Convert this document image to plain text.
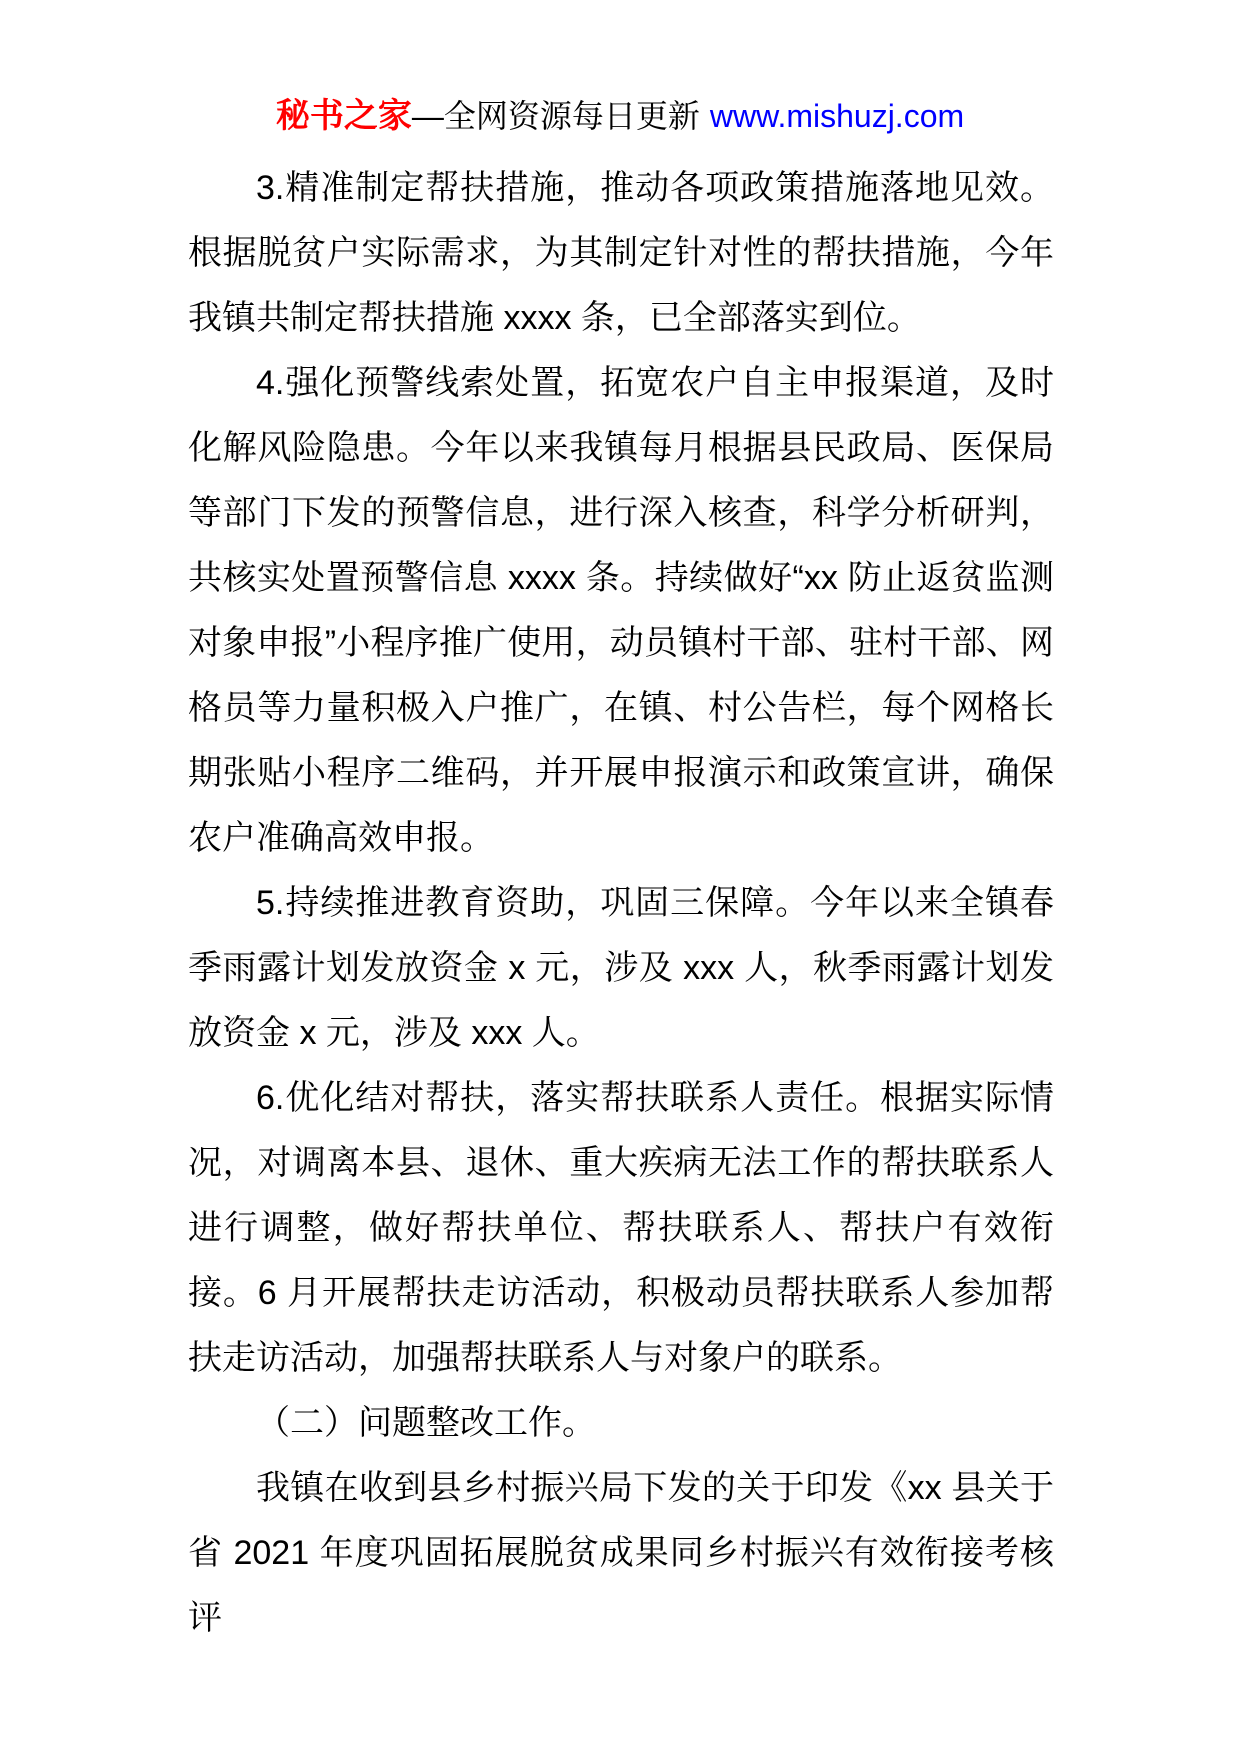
秘书之家—全网资源每日更新 www.mishuzj.com

3.精准制定帮扶措施，推动各项政策措施落地见效。根据脱贫户实际需求，为其制定针对性的帮扶措施，今年我镇共制定帮扶措施 xxxx 条，已全部落实到位。

4.强化预警线索处置，拓宽农户自主申报渠道，及时化解风险隐患。今年以来我镇每月根据县民政局、医保局等部门下发的预警信息，进行深入核查，科学分析研判，共核实处置预警信息 xxxx 条。持续做好“xx 防止返贫监测对象申报”小程序推广使用，动员镇村干部、驻村干部、网格员等力量积极入户推广，在镇、村公告栏，每个网格长期张贴小程序二维码，并开展申报演示和政策宣讲，确保农户准确高效申报。

5.持续推进教育资助，巩固三保障。今年以来全镇春季雨露计划发放资金 x 元，涉及 xxx 人，秋季雨露计划发放资金 x 元，涉及 xxx 人。

6.优化结对帮扶，落实帮扶联系人责任。根据实际情况，对调离本县、退休、重大疾病无法工作的帮扶联系人进行调整，做好帮扶单位、帮扶联系人、帮扶户有效衔接。6 月开展帮扶走访活动，积极动员帮扶联系人参加帮扶走访活动，加强帮扶联系人与对象户的联系。

（二）问题整改工作。

我镇在收到县乡村振兴局下发的关于印发《xx 县关于省 2021 年度巩固拓展脱贫成果同乡村振兴有效衔接考核评
